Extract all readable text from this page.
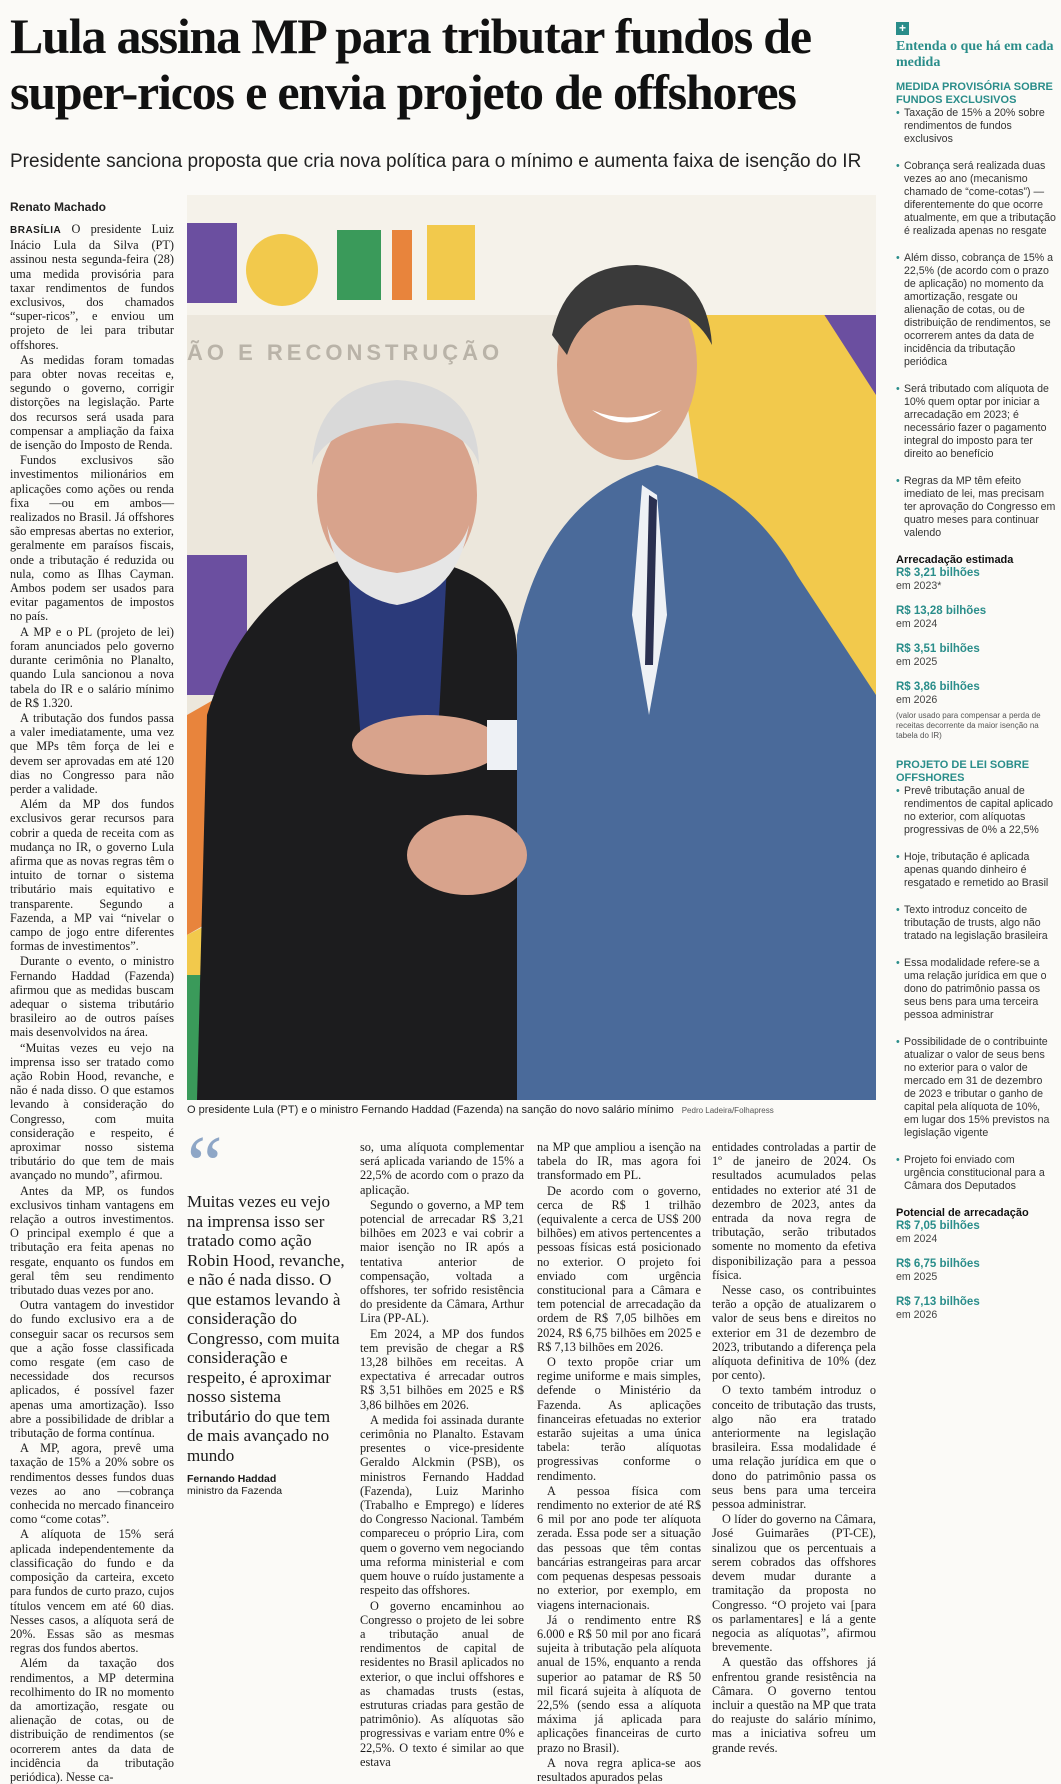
Lula assina MP para tributar fundos de super-ricos e envia projeto de offshores
Presidente sanciona proposta que cria nova política para o mínimo e aumenta faixa de isenção do IR
Renato Machado

BRASÍLIA O presidente Luiz Inácio Lula da Silva (PT) assinou nesta segunda-feira (28) uma medida provisória para taxar rendimentos de fundos exclusivos, dos chamados “super-ricos”, e enviou um projeto de lei para tributar offshores.

As medidas foram tomadas para obter novas receitas e, segundo o governo, corrigir distorções na legislação. Parte dos recursos será usada para compensar a ampliação da faixa de isenção do Imposto de Renda.

Fundos exclusivos são investimentos milionários em aplicações como ações ou renda fixa —ou em ambos— realizados no Brasil. Já offshores são empresas abertas no exterior, geralmente em paraísos fiscais, onde a tributação é reduzida ou nula, como as Ilhas Cayman. Ambos podem ser usados para evitar pagamentos de impostos no país.

A MP e o PL (projeto de lei) foram anunciados pelo governo durante cerimônia no Planalto, quando Lula sancionou a nova tabela do IR e o salário mínimo de R$ 1.320.

A tributação dos fundos passa a valer imediatamente, uma vez que MPs têm força de lei e devem ser aprovadas em até 120 dias no Congresso para não perder a validade.

Além da MP dos fundos exclusivos gerar recursos para cobrir a queda de receita com as mudança no IR, o governo Lula afirma que as novas regras têm o intuito de tornar o sistema tributário mais equitativo e transparente. Segundo a Fazenda, a MP vai “nivelar o campo de jogo entre diferentes formas de investimentos”.

Durante o evento, o ministro Fernando Haddad (Fazenda) afirmou que as medidas buscam adequar o sistema tributário brasileiro ao de outros países mais desenvolvidos na área.

“Muitas vezes eu vejo na imprensa isso ser tratado como ação Robin Hood, revanche, e não é nada disso. O que estamos levando à consideração do Congresso, com muita consideração e respeito, é aproximar nosso sistema tributário do que tem de mais avançado no mundo”, afirmou.

Antes da MP, os fundos exclusivos tinham vantagens em relação a outros investimentos. O principal exemplo é que a tributação era feita apenas no resgate, enquanto os fundos em geral têm seu rendimento tributado duas vezes por ano.

Outra vantagem do investidor do fundo exclusivo era a de conseguir sacar os recursos sem que a ação fosse classificada como resgate (em caso de necessidade dos recursos aplicados, é possível fazer apenas uma amortização). Isso abre a possibilidade de driblar a tributação de forma contínua.

A MP, agora, prevê uma taxação de 15% a 20% sobre os rendimentos desses fundos duas vezes ao ano —cobrança conhecida no mercado financeiro como “come cotas”.

A alíquota de 15% será aplicada independentemente da classificação do fundo e da composição da carteira, exceto para fundos de curto prazo, cujos títulos vencem em até 60 dias. Nesses casos, a alíquota será de 20%. Essas são as mesmas regras dos fundos abertos.

Além da taxação dos rendimentos, a MP determina recolhimento do IR no momento da amortização, resgate ou alienação de cotas, ou de distribuição de rendimentos (se ocorrerem antes da data de incidência da tributação periódica). Nesse ca-

ÃO E RECONSTRUÇÃO
O presidente Lula (PT) e o ministro Fernando Haddad (Fazenda) na sanção do novo salário mínimo Pedro Ladeira/Folhapress
“
Muitas vezes eu vejo na imprensa isso ser tratado como ação Robin Hood, revanche, e não é nada disso. O que estamos levando à consideração do Congresso, com muita consideração e respeito, é aproximar nosso sistema tributário do que tem de mais avançado no mundo
Fernando Haddad
ministro da Fazenda

so, uma alíquota complementar será aplicada variando de 15% a 22,5% de acordo com o prazo da aplicação.

Segundo o governo, a MP tem potencial de arrecadar R$ 3,21 bilhões em 2023 e vai cobrir a maior isenção no IR após a tentativa anterior de compensação, voltada a offshores, ter sofrido resistência do presidente da Câmara, Arthur Lira (PP-AL).

Em 2024, a MP dos fundos tem previsão de chegar a R$ 13,28 bilhões em receitas. A expectativa é arrecadar outros R$ 3,51 bilhões em 2025 e R$ 3,86 bilhões em 2026.

A medida foi assinada durante cerimônia no Planalto. Estavam presentes o vice-presidente Geraldo Alckmin (PSB), os ministros Fernando Haddad (Fazenda), Luiz Marinho (Trabalho e Emprego) e líderes do Congresso Nacional. Também compareceu o próprio Lira, com quem o governo vem negociando uma reforma ministerial e com quem houve o ruído justamente a respeito das offshores.

O governo encaminhou ao Congresso o projeto de lei sobre a tributação anual de rendimentos de capital de residentes no Brasil aplicados no exterior, o que inclui offshores e as chamadas trusts (estas, estruturas criadas para gestão de patrimônio). As alíquotas são progressivas e variam entre 0% e 22,5%. O texto é similar ao que estava

na MP que ampliou a isenção na tabela do IR, mas agora foi transformado em PL.

De acordo com o governo, cerca de R$ 1 trilhão (equivalente a cerca de US$ 200 bilhões) em ativos pertencentes a pessoas físicas está posicionado no exterior. O projeto foi enviado com urgência constitucional para a Câmara e tem potencial de arrecadação da ordem de R$ 7,05 bilhões em 2024, R$ 6,75 bilhões em 2025 e R$ 7,13 bilhões em 2026.

O texto propõe criar um regime uniforme e mais simples, defende o Ministério da Fazenda. As aplicações financeiras efetuadas no exterior estarão sujeitas a uma única tabela: terão alíquotas progressivas conforme o rendimento.

A pessoa física com rendimento no exterior de até R$ 6 mil por ano pode ter alíquota zerada. Essa pode ser a situação das pessoas que têm contas bancárias estrangeiras para arcar com pequenas despesas pessoais no exterior, por exemplo, em viagens internacionais.

Já o rendimento entre R$ 6.000 e R$ 50 mil por ano ficará sujeita à tributação pela alíquota anual de 15%, enquanto a renda superior ao patamar de R$ 50 mil ficará sujeita à alíquota de 22,5% (sendo essa a alíquota máxima já aplicada para aplicações financeiras de curto prazo no Brasil).

A nova regra aplica-se aos resultados apurados pelas

entidades controladas a partir de 1º de janeiro de 2024. Os resultados acumulados pelas entidades no exterior até 31 de dezembro de 2023, antes da entrada da nova regra de tributação, serão tributados somente no momento da efetiva disponibilização para a pessoa física.

Nesse caso, os contribuintes terão a opção de atualizarem o valor de seus bens e direitos no exterior em 31 de dezembro de 2023, tributando a diferença pela alíquota definitiva de 10% (dez por cento).

O texto também introduz o conceito de tributação das trusts, algo não era tratado anteriormente na legislação brasileira. Essa modalidade é uma relação jurídica em que o dono do patrimônio passa os seus bens para uma terceira pessoa administrar.

O líder do governo na Câmara, José Guimarães (PT-CE), sinalizou que os percentuais a serem cobrados das offshores devem mudar durante a tramitação da proposta no Congresso. “O projeto vai [para os parlamentares] e lá a gente negocia as alíquotas”, afirmou brevemente.

A questão das offshores já enfrentou grande resistência na Câmara. O governo tentou incluir a questão na MP que trata do reajuste do salário mínimo, mas a iniciativa sofreu um grande revés.

+
Entenda o que há em cada medida
MEDIDA PROVISÓRIA SOBRE FUNDOS EXCLUSIVOS
• Taxação de 15% a 20% sobre rendimentos de fundos exclusivos
• Cobrança será realizada duas vezes ao ano (mecanismo chamado de “come-cotas”) —diferentemente do que ocorre atualmente, em que a tributação é realizada apenas no resgate
• Além disso, cobrança de 15% a 22,5% (de acordo com o prazo de aplicação) no momento da amortização, resgate ou alienação de cotas, ou de distribuição de rendimentos, se ocorrerem antes da data de incidência da tributação periódica
• Será tributado com alíquota de 10% quem optar por iniciar a arrecadação em 2023; é necessário fazer o pagamento integral do imposto para ter direito ao benefício
• Regras da MP têm efeito imediato de lei, mas precisam ter aprovação do Congresso em quatro meses para continuar valendo
Arrecadação estimada
R$ 3,21 bilhões
em 2023*
R$ 13,28 bilhões
em 2024
R$ 3,51 bilhões
em 2025
R$ 3,86 bilhões
em 2026
(valor usado para compensar a perda de receitas decorrente da maior isenção na tabela do IR)
PROJETO DE LEI SOBRE OFFSHORES
• Prevê tributação anual de rendimentos de capital aplicado no exterior, com alíquotas progressivas de 0% a 22,5%
• Hoje, tributação é aplicada apenas quando dinheiro é resgatado e remetido ao Brasil
• Texto introduz conceito de tributação de trusts, algo não tratado na legislação brasileira
• Essa modalidade refere-se a uma relação jurídica em que o dono do patrimônio passa os seus bens para uma terceira pessoa administrar
• Possibilidade de o contribuinte atualizar o valor de seus bens no exterior para o valor de mercado em 31 de dezembro de 2023 e tributar o ganho de capital pela alíquota de 10%, em lugar dos 15% previstos na legislação vigente
• Projeto foi enviado com urgência constitucional para a Câmara dos Deputados
Potencial de arrecadação
R$ 7,05 bilhões
em 2024
R$ 6,75 bilhões
em 2025
R$ 7,13 bilhões
em 2026
